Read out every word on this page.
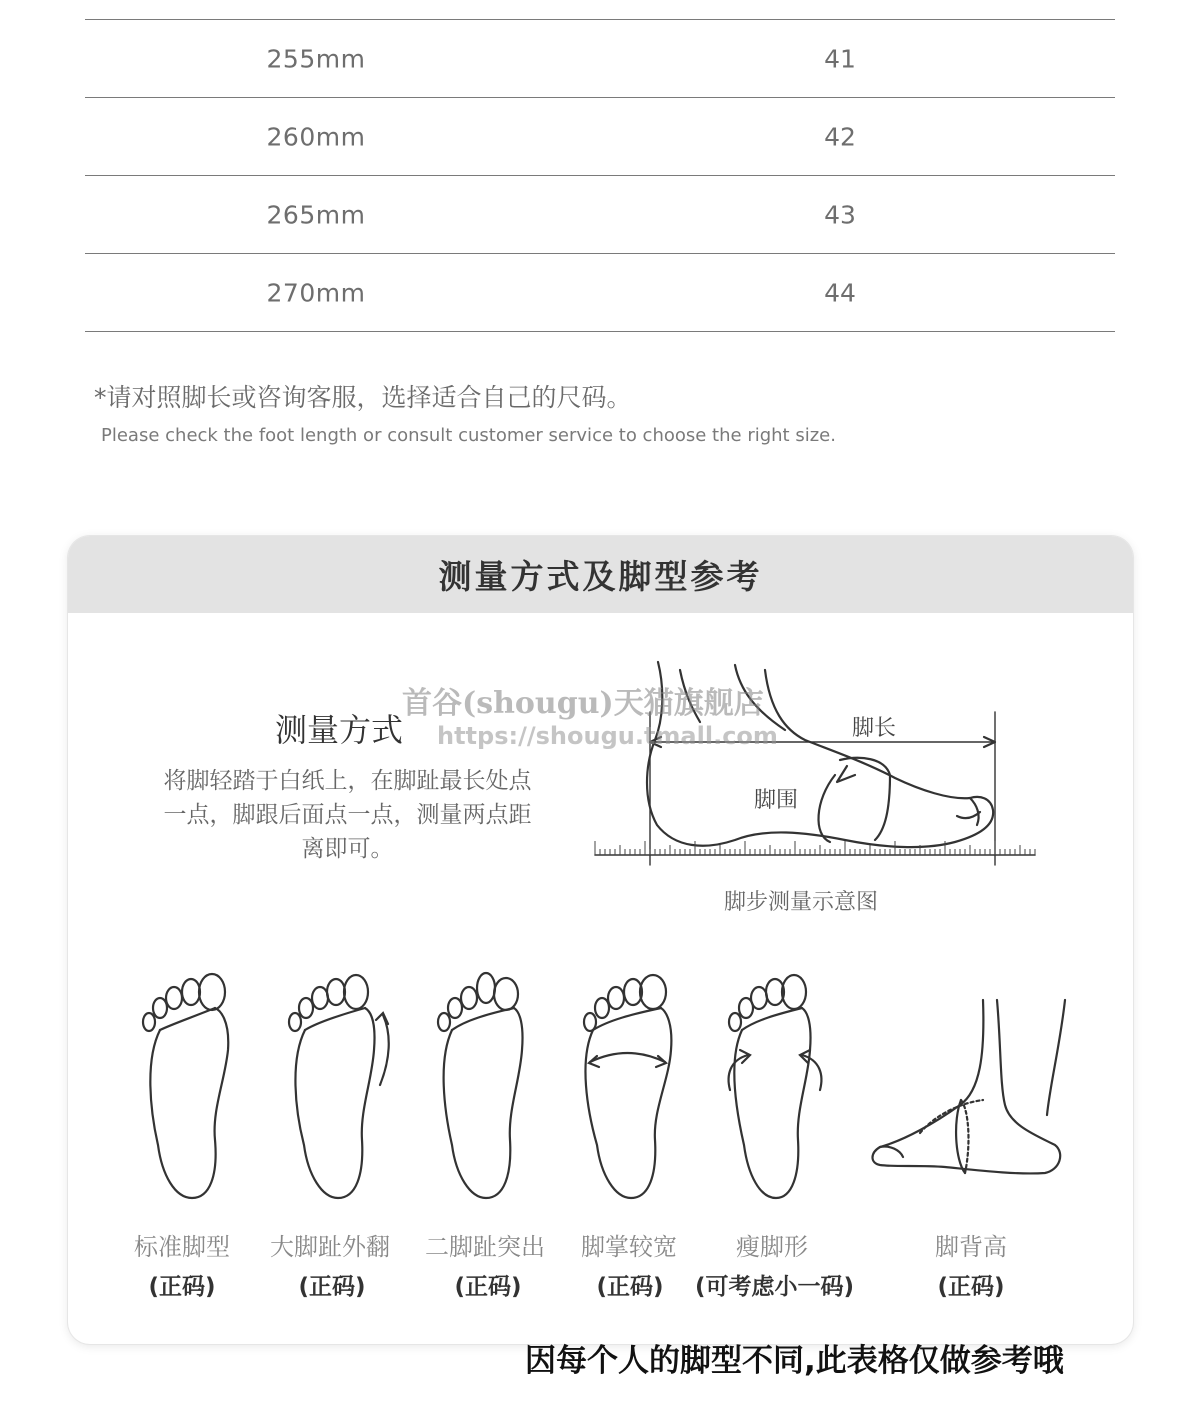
255mm	41
260mm	42
265mm	43
270mm	44
*请对照脚长或咨询客服，选择适合自己的尺码。
Please check the foot length or consult customer service to choose the right size.
测量方式及脚型参考
测量方式
将脚轻踏于白纸上，在脚趾最长处点一点，脚跟后面点一点，测量两点距离即可。
脚长
脚围
脚步测量示意图
首谷(shougu)天猫旗舰店
https://shougu.tmall.com
标准脚型	大脚趾外翻	二脚趾突出	脚掌较宽	瘦脚形	脚背高
(正码)	(正码)	(正码)	(正码)	(可考虑小一码)	(正码)
因每个人的脚型不同,此表格仅做参考哦
